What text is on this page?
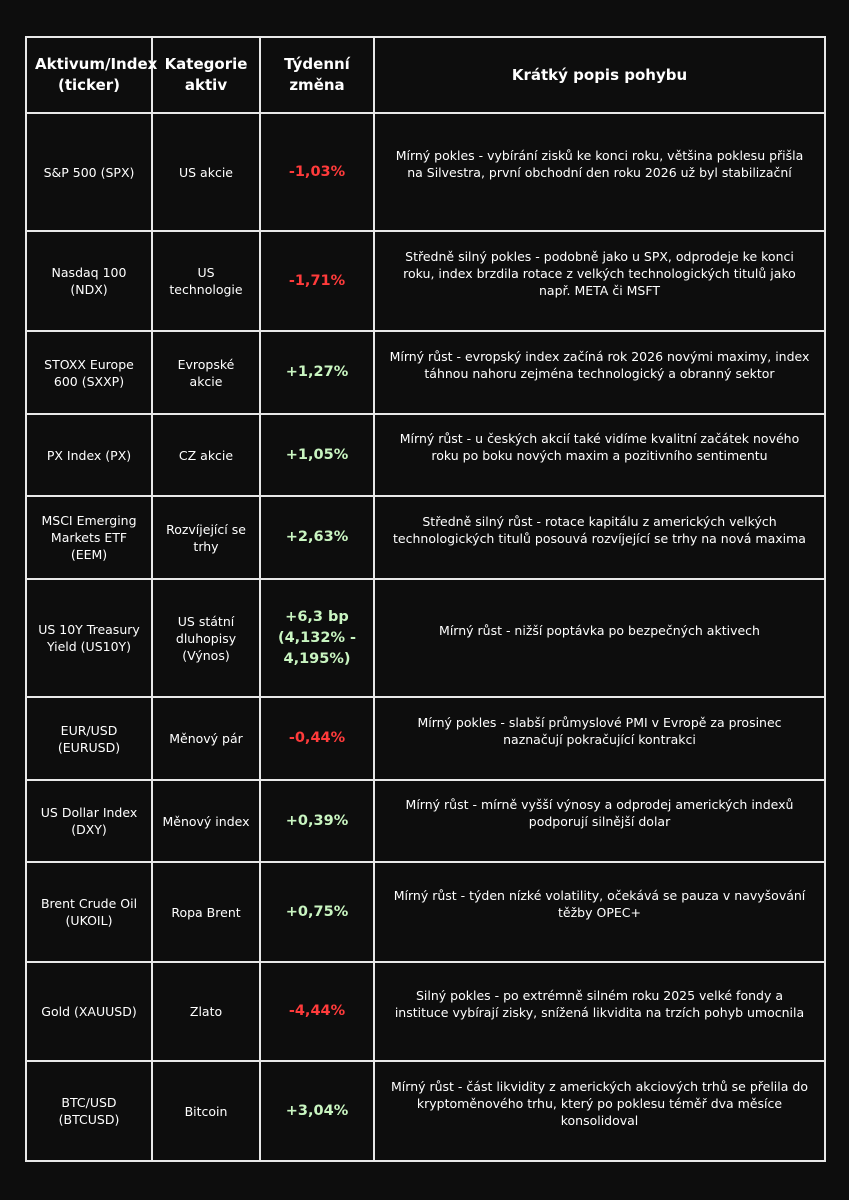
Aktivum/Index (ticker)	Kategorie aktiv	Týdenní změna	Krátký popis pohybu
S&P 500 (SPX)	US akcie	-1,03%	Mírný pokles - vybírání zisků ke konci roku, většina poklesu přišla na Silvestra, první obchodní den roku 2026 už byl stabilizační

Nasdaq 100 (NDX)	US technologie	-1,71%	Středně silný pokles - podobně jako u SPX, odprodeje ke konci roku, index brzdila rotace z velkých technologických titulů jako např. META či MSFT

STOXX Europe 600 (SXXP)	Evropské akcie	+1,27%	Mírný růst - evropský index začíná rok 2026 novými maximy, index táhnou nahoru zejména technologický a obranný sektor

PX Index (PX)	CZ akcie	+1,05%	Mírný růst - u českých akcií také vidíme kvalitní začátek nového roku po boku nových maxim a pozitivního sentimentu

MSCI Emerging Markets ETF (EEM)	Rozvíjející se trhy	+2,63%	Středně silný růst - rotace kapitálu z amerických velkých technologických titulů posouvá rozvíjející se trhy na nová maxima

US 10Y Treasury Yield (US10Y)	US státní dluhopisy (Výnos)	+6,3 bp (4,132% - 4,195%)	Mírný růst - nižší poptávka po bezpečných aktivech

EUR/USD (EURUSD)	Měnový pár	-0,44%	Mírný pokles - slabší průmyslové PMI v Evropě za prosinec naznačují pokračující kontrakci

US Dollar Index (DXY)	Měnový index	+0,39%	Mírný růst - mírně vyšší výnosy a odprodej amerických indexů podporují silnější dolar

Brent Crude Oil (UKOIL)	Ropa Brent	+0,75%	Mírný růst - týden nízké volatility, očekává se pauza v navyšování těžby OPEC+

Gold (XAUUSD)	Zlato	-4,44%	Silný pokles - po extrémně silném roku 2025 velké fondy a instituce vybírají zisky, snížená likvidita na trzích pohyb umocnila

BTC/USD (BTCUSD)	Bitcoin	+3,04%	Mírný růst - část likvidity z amerických akciových trhů se přelila do kryptoměnového trhu, který po poklesu téměř dva měsíce konsolidoval
